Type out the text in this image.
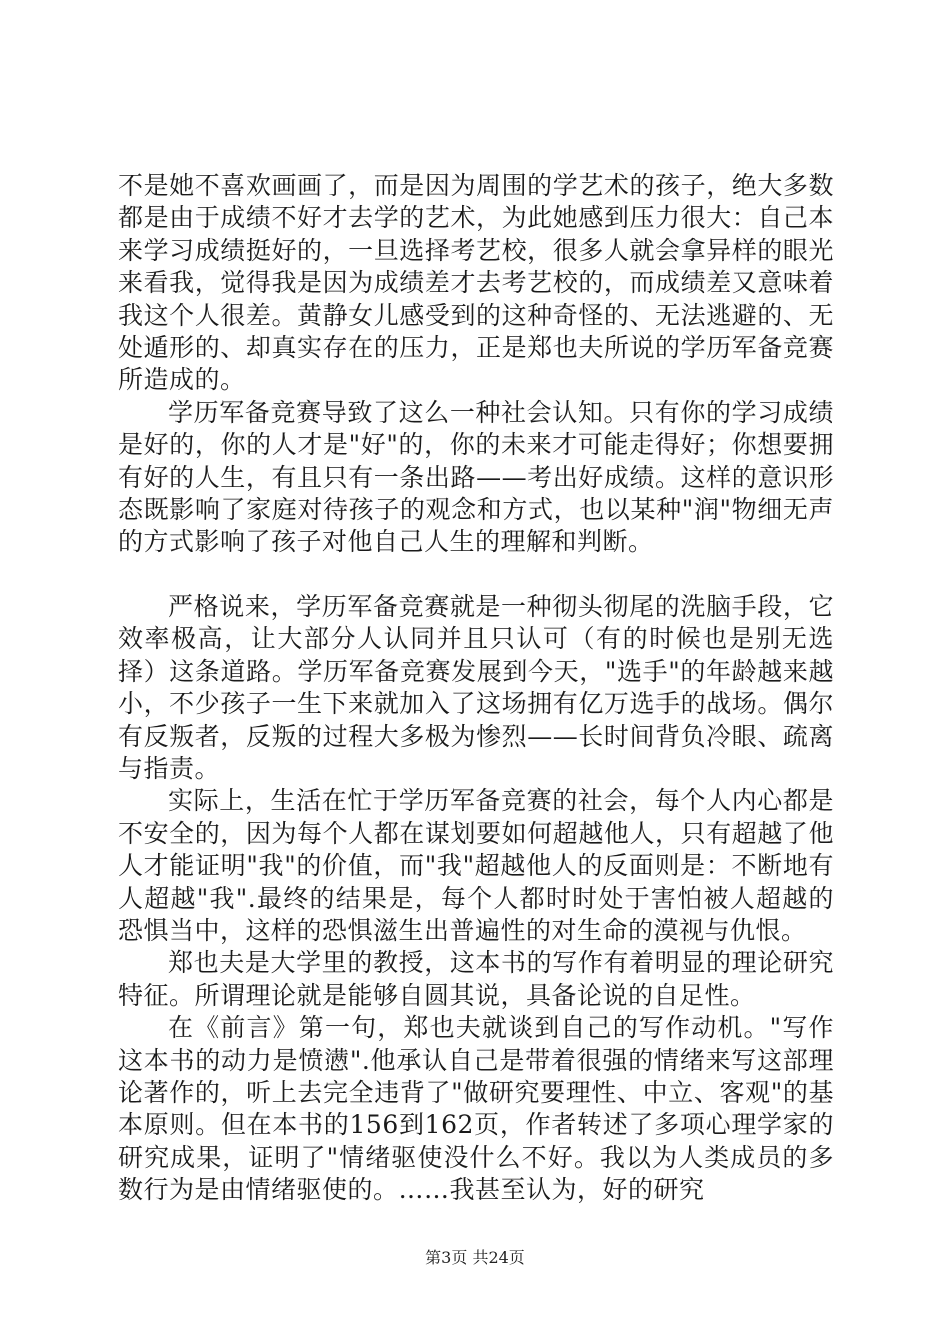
不是她不喜欢画画了，而是因为周围的学艺术的孩子，绝大多数都是由于成绩不好才去学的艺术，为此她感到压力很大：自己本来学习成绩挺好的，一旦选择考艺校，很多人就会拿异样的眼光来看我，觉得我是因为成绩差才去考艺校的，而成绩差又意味着我这个人很差。黄静女儿感受到的这种奇怪的、无法逃避的、无处遁形的、却真实存在的压力，正是郑也夫所说的学历军备竞赛所造成的。

学历军备竞赛导致了这么一种社会认知。只有你的学习成绩是好的，你的人才是"好"的，你的未来才可能走得好；你想要拥有好的人生，有且只有一条出路——考出好成绩。这样的意识形态既影响了家庭对待孩子的观念和方式，也以某种"润"物细无声的方式影响了孩子对他自己人生的理解和判断。

严格说来，学历军备竞赛就是一种彻头彻尾的洗脑手段，它效率极高，让大部分人认同并且只认可（有的时候也是别无选择）这条道路。学历军备竞赛发展到今天，"选手"的年龄越来越小，不少孩子一生下来就加入了这场拥有亿万选手的战场。偶尔有反叛者，反叛的过程大多极为惨烈——长时间背负冷眼、疏离与指责。

实际上，生活在忙于学历军备竞赛的社会，每个人内心都是不安全的，因为每个人都在谋划要如何超越他人，只有超越了他人才能证明"我"的价值，而"我"超越他人的反面则是：不断地有人超越"我".最终的结果是，每个人都时时处于害怕被人超越的恐惧当中，这样的恐惧滋生出普遍性的对生命的漠视与仇恨。

郑也夫是大学里的教授，这本书的写作有着明显的理论研究特征。所谓理论就是能够自圆其说，具备论说的自足性。

在《前言》第一句，郑也夫就谈到自己的写作动机。"写作这本书的动力是愤懑".他承认自己是带着很强的情绪来写这部理论著作的，听上去完全违背了"做研究要理性、中立、客观"的基本原则。但在本书的156到162页，作者转述了多项心理学家的研究成果，证明了"情绪驱使没什么不好。我以为人类成员的多数行为是由情绪驱使的。……我甚至认为，好的研究

第3页 共24页
